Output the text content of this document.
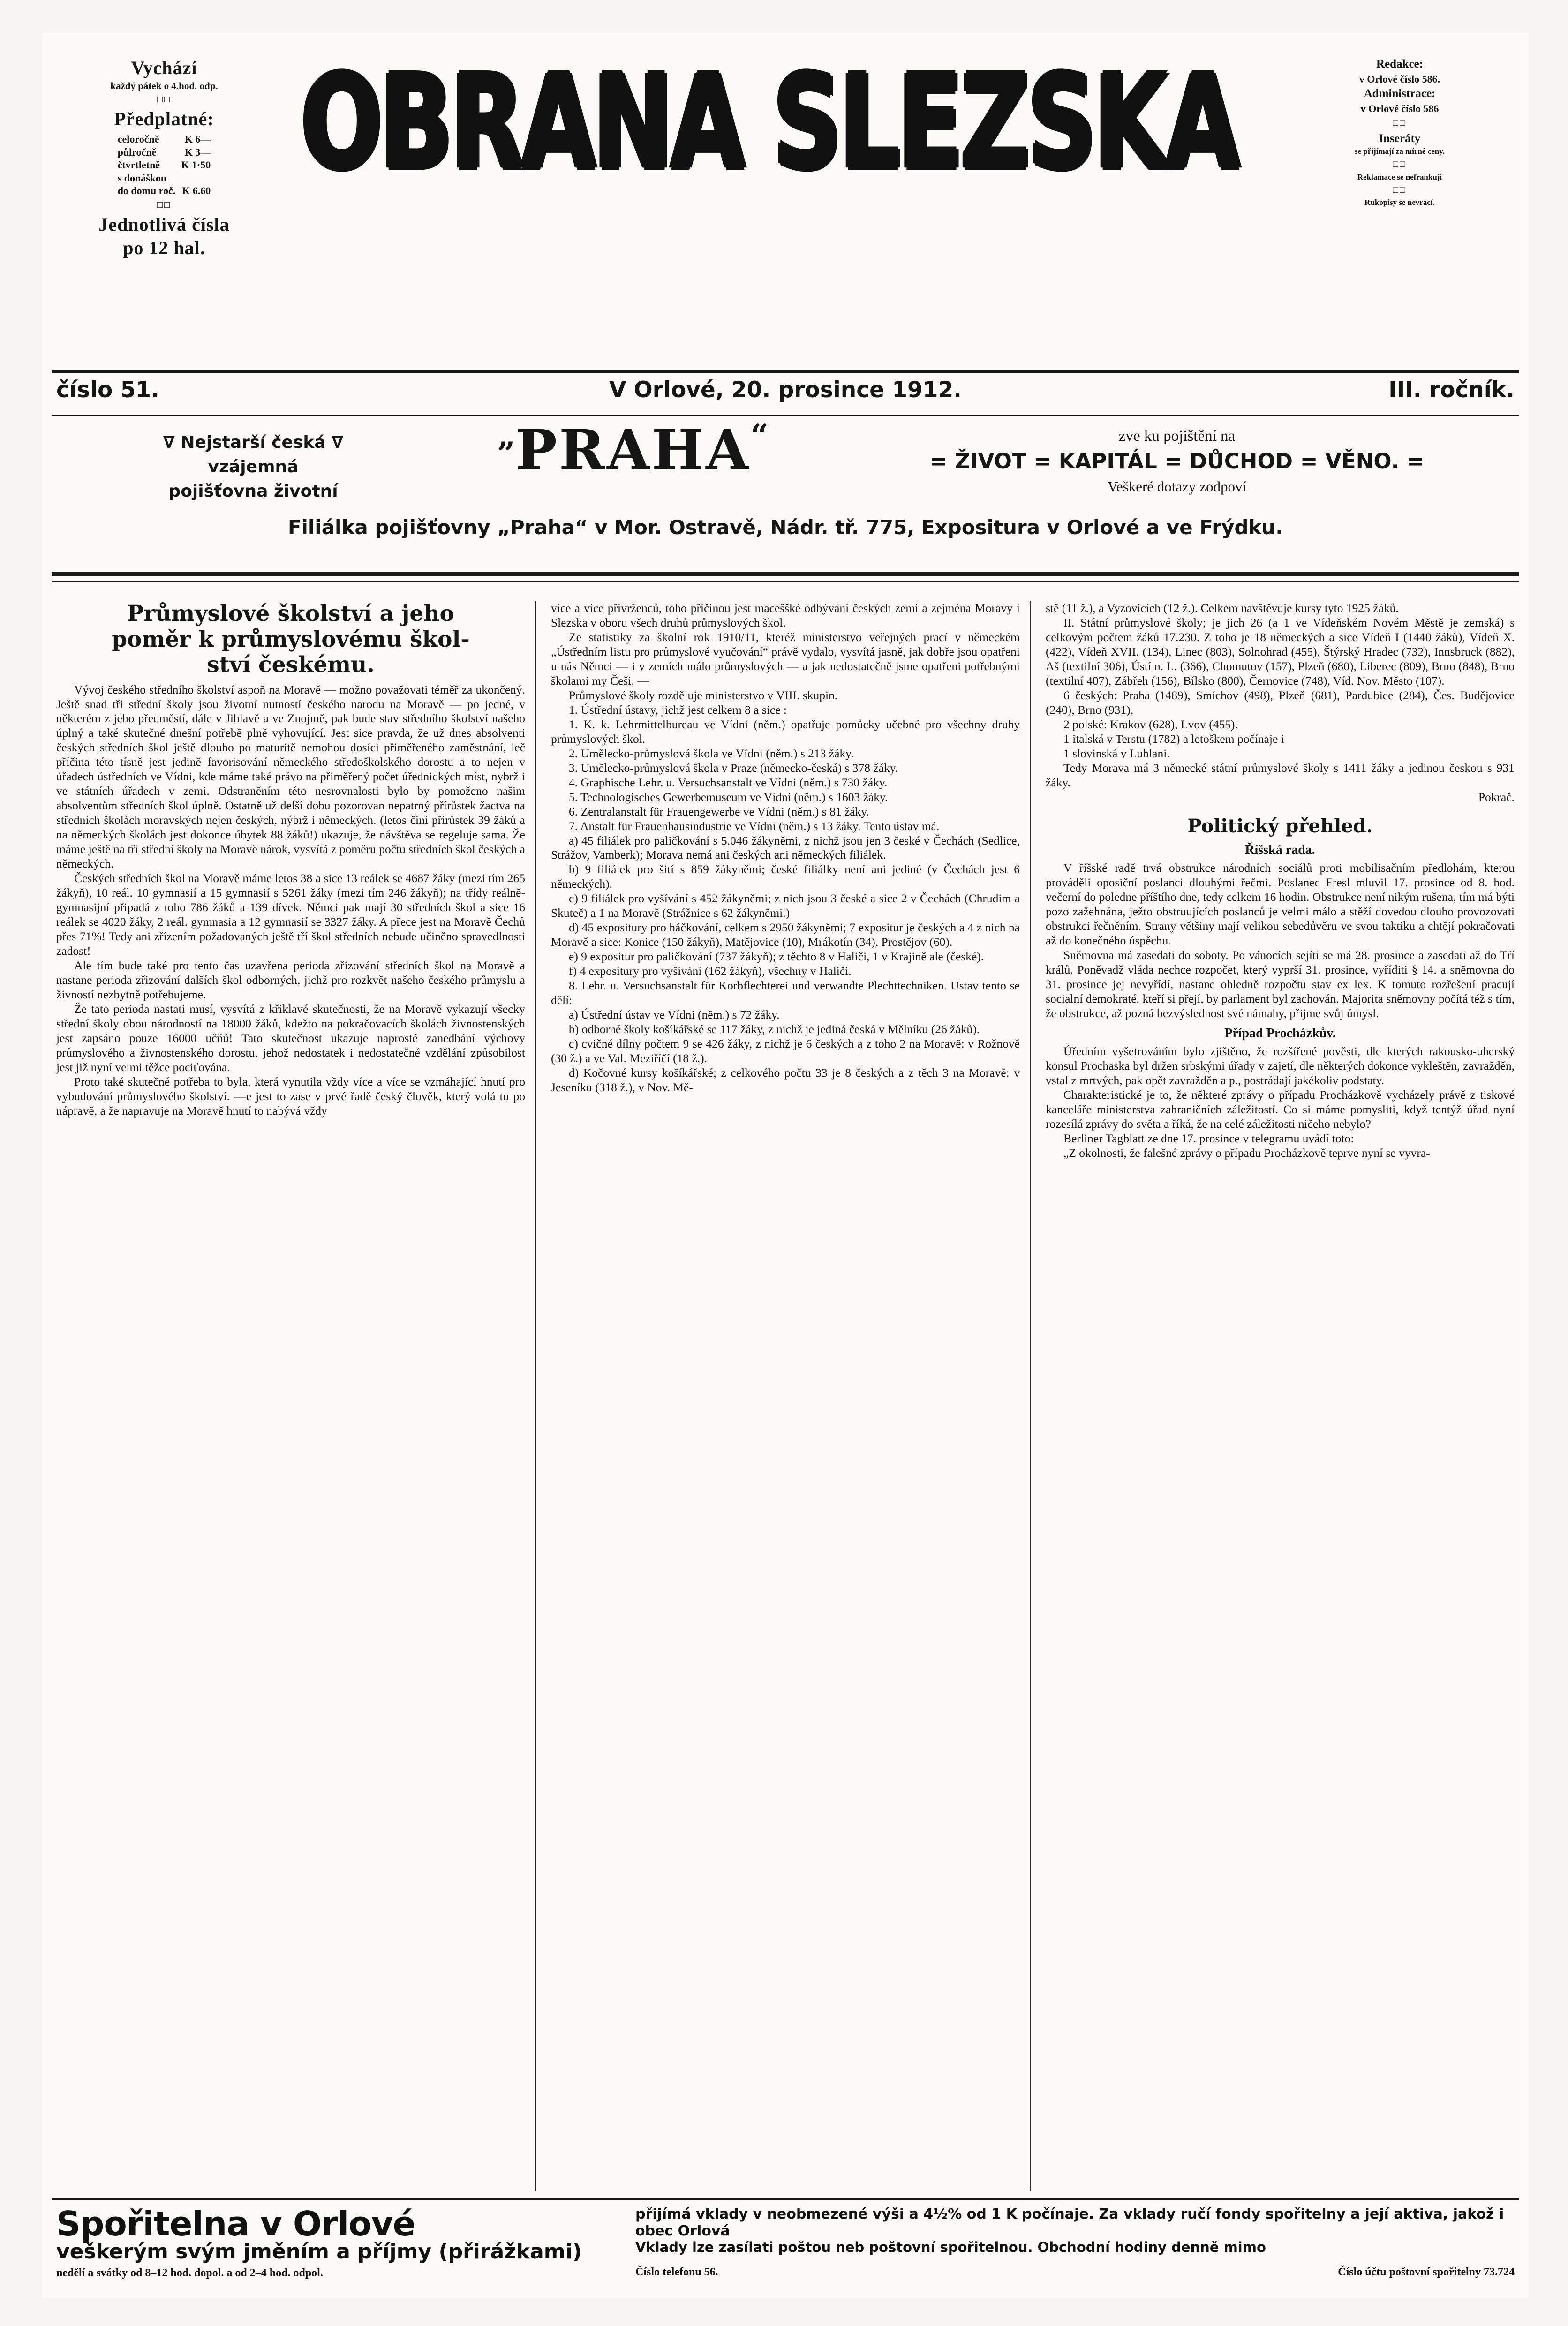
Vychází
každý pátek o 4.hod. odp.
□□
Předplatné:
celoročně	K 6—
půlročně	K 3—
čtvrtletně	K 1·50
s donáškou	
do domu roč.	K 6.60
□□
Jednotlivá čísla
po 12 hal.
OBRANA SLEZSKA	Redakce:
v Orlové číslo 586.
Administrace:
v Orlové číslo 586
□□
Inseráty
se přijímají za mírné ceny.
□□
Reklamace se nefrankují
□□
Rukopisy se nevrací.
číslo 51.	V Orlové, 20. prosince 1912.	III. ročník.
∇ Nejstarší česká ∇
vzájemná
pojišťovna životní
„PRAHA“	zve ku pojištění na
= ŽIVOT = KAPITÁL = DŮCHOD = VĚNO. =
Veškeré dotazy zodpoví
Filiálka pojišťovny „Praha“ v Mor. Ostravě, Nádr. tř. 775, Expositura v Orlové a ve Frýdku.
Průmyslové školství a jeho
poměr k průmyslovému škol-
ství českému.

Vývoj českého středního školství aspoň na Moravě — možno považovati téměř za ukončený. Ještě snad tři střední školy jsou životní nutností českého narodu na Moravě — po jedné, v některém z jeho předměstí, dále v Jihlavě a ve Znojmě, pak bude stav středního školství našeho úplný a také skutečné dnešní potřebě plně vyhovující. Jest sice pravda, že už dnes absolventi českých středních škol ještě dlouho po maturitě nemohou dosíci přiměřeného zaměstnání, leč příčina této tísně jest jedině favorisování německého středoškolského dorostu a to nejen v úřadech ústředních ve Vídni, kde máme také právo na přiměřený počet úřednických míst, nybrž i ve státních úřadech v zemi. Odstraněním této nesrovnalosti bylo by pomoženo našim absolventům středních škol úplně. Ostatně už delší dobu pozorovan nepatrný přírůstek žactva na středních školách moravských nejen českých, nýbrž i německých. (letos činí přírůstek 39 žáků a na německých školách jest dokonce úbytek 88 žáků!) ukazuje, že návštěva se regeluje sama. Že máme ještě na tři střední školy na Moravě nárok, vysvítá z poměru počtu středních škol českých a německých.

Českých středních škol na Moravě máme letos 38 a sice 13 reálek se 4687 žáky (mezi tím 265 žákyň), 10 reál. 10 gymnasií a 15 gymnasií s 5261 žáky (mezi tím 246 žákyň); na třídy reálně-gymnasijní připadá z toho 786 žáků a 139 dívek. Němci pak mají 30 středních škol a sice 16 reálek se 4020 žáky, 2 reál. gymnasia a 12 gymnasií se 3327 žáky. A přece jest na Moravě Čechů přes 71%! Tedy ani zřízením požadovaných ještě tří škol středních nebude učiněno spravedlnosti zadost!

Ale tím bude také pro tento čas uzavřena perioda zřizování středních škol na Moravě a nastane perioda zřizování dalších škol odborných, jichž pro rozkvět našeho českého průmyslu a živností nezbytně potřebujeme.

Že tato perioda nastati musí, vysvítá z křiklavé skutečnosti, že na Moravě vykazují všecky střední školy obou národností na 18000 žáků, kdežto na pokračovacích školách živnostenských jest zapsáno pouze 16000 učňů! Tato skutečnost ukazuje naprosté zanedbání výchovy průmyslového a živnostenského dorostu, jehož nedostatek i nedostatečné vzdělání způsobilost jest již nyní velmi těžce pociťována.

Proto také skutečné potřeba to byla, která vynutila vždy více a více se vzmáhající hnutí pro vybudování průmyslového školství. —e jest to zase v prvé řadě český člověk, který volá tu po nápravě, a že napravuje na Moravě hnutí to nabývá vždy

více a více přívrženců, toho příčinou jest maceššké odbývání českých zemí a zejména Moravy i Slezska v oboru všech druhů průmyslových škol.

Ze statistiky za školní rok 1910/11, kteréž ministerstvo veřejných prací v německém „Ústředním listu pro průmyslové vyučování“ právě vydalo, vysvítá jasně, jak dobře jsou opatřeni u nás Němci — i v zemích málo průmyslových — a jak nedostatečně jsme opatřeni potřebnými školami my Češi. —

Průmyslové školy rozděluje ministerstvo v VIII. skupin.

1. Ústřední ústavy, jichž jest celkem 8 a sice :

1. K. k. Lehrmittelbureau ve Vídni (něm.) opatřuje pomůcky učebné pro všechny druhy průmyslových škol.

2. Umělecko-průmyslová škola ve Vídni (něm.) s 213 žáky.

3. Umělecko-průmyslová škola v Praze (německo-česká) s 378 žáky.

4. Graphische Lehr. u. Versuchsanstalt ve Vídni (něm.) s 730 žáky.

5. Technologisches Gewerbemuseum ve Vídni (něm.) s 1603 žáky.

6. Zentralanstalt für Frauengewerbe ve Vídni (něm.) s 81 žáky.

7. Anstalt für Frauenhausindustrie ve Vídni (něm.) s 13 žáky. Tento ústav má.

a) 45 filiálek pro paličkování s 5.046 žákyněmi, z nichž jsou jen 3 české v Čechách (Sedlice, Strážov, Vamberk); Morava nemá ani českých ani německých filiálek.

b) 9 filiálek pro šití s 859 žákyněmi; české filiálky není ani jediné (v Čechách jest 6 německých).

c) 9 filiálek pro vyšívání s 452 žákyněmi; z nich jsou 3 české a sice 2 v Čechách (Chrudim a Skuteč) a 1 na Moravě (Strážnice s 62 žákyněmi.)

d) 45 expositury pro háčkování, celkem s 2950 žákyněmi; 7 expositur je českých a 4 z nich na Moravě a sice: Konice (150 žákyň), Matějovice (10), Mrákotín (34), Prostějov (60).

e) 9 expositur pro paličkování (737 žákyň); z těchto 8 v Haliči, 1 v Krajině ale (české).

f) 4 expositury pro vyšívání (162 žákyň), všechny v Haliči.

8. Lehr. u. Versuchsanstalt für Korbflechterei und verwandte Plechttechniken. Ustav tento se dělí:

a) Ústřední ústav ve Vídni (něm.) s 72 žáky.

b) odborné školy košíkářské se 117 žáky, z nichž je jediná česká v Mělníku (26 žáků).

c) cvičné dílny počtem 9 se 426 žáky, z nichž je 6 českých a z toho 2 na Moravě: v Rožnově (30 ž.) a ve Val. Meziříčí (18 ž.).

d) Kočovné kursy košíkářské; z celkového počtu 33 je 8 českých a z těch 3 na Moravě: v Jeseníku (318 ž.), v Nov. Mě-

stě (11 ž.), a Vyzovicích (12 ž.). Celkem navštěvuje kursy tyto 1925 žáků.

II. Státní průmyslové školy; je jich 26 (a 1 ve Vídeňském Novém Městě je zemská) s celkovým počtem žáků 17.230. Z toho je 18 německých a sice Vídeň I (1440 žáků), Vídeň X. (422), Vídeň XVII. (134), Linec (803), Solnohrad (455), Štýrský Hradec (732), Innsbruck (882), Aš (textilní 306), Ústí n. L. (366), Chomutov (157), Plzeň (680), Liberec (809), Brno (848), Brno (textilní 407), Zábřeh (156), Bílsko (800), Černovice (748), Víd. Nov. Město (107).

6 českých: Praha (1489), Smíchov (498), Plzeň (681), Pardubice (284), Čes. Budějovice (240), Brno (931),

2 polské: Krakov (628), Lvov (455).

1 italská v Terstu (1782) a letoškem počínaje i

1 slovinská v Lublani.

Tedy Morava má 3 německé státní průmyslové školy s 1411 žáky a jedinou českou s 931 žáky.

Pokrač.

Politický přehled.
Říšská rada.

V říšské radě trvá obstrukce národních sociálů proti mobilisačním předlohám, kterou prováděli oposiční poslanci dlouhými řečmi. Poslanec Fresl mluvil 17. prosince od 8. hod. večerní do poledne příštího dne, tedy celkem 16 hodin. Obstrukce není nikým rušena, tím má býti pozo zažehnána, ježto obstruujících poslanců je velmi málo a stěží dovedou dlouho provozovati obstrukci řečněním. Strany většiny mají velikou sebedůvěru ve svou taktiku a chtějí pokračovati až do konečného úspěchu.

Sněmovna má zasedati do soboty. Po vánocích sejíti se má 28. prosince a zasedati až do Tří králů. Poněvadž vláda nechce rozpočet, který vyprší 31. prosince, vyříditi § 14. a sněmovna do 31. prosince jej nevyřídí, nastane ohledně rozpočtu stav ex lex. K tomuto rozřešení pracují socialní demokraté, kteří si přejí, by parlament byl zachován. Majorita sněmovny počítá též s tím, že obstrukce, až pozná bezvýslednost své námahy, přijme svůj úmysl.

Případ Procházkův.

Úředním vyšetrováním bylo zjištěno, že rozšířené pověsti, dle kterých rakousko-uherský konsul Prochaska byl držen srbskými úřady v zajetí, dle některých dokonce vykleštěn, zavražděn, vstal z mrtvých, pak opět zavražděn a p., postrádají jakékoliv podstaty.

Charakteristické je to, že některé zprávy o případu Procházkově vycházely právě z tiskové kanceláře ministerstva zahraničních záležitostí. Co si máme pomysliti, když tentýž úřad nyní rozesílá zprávy do světa a říká, že na celé záležitosti ničeho nebylo?

Berliner Tagblatt ze dne 17. prosince v telegramu uvádí toto:

„Z okolnosti, že falešné zprávy o případu Procházkově teprve nyní se vyvra-

Spořitelna v Orlové	přijímá vklady v neobmezené výši a 4½% od 1 K počínaje. Za vklady ručí fondy spořitelny a její aktiva, jakož i obec Orlová
veškerým svým jměním a příjmy (přirážkami)	Vklady lze zasílati poštou neb poštovní spořitelnou. Obchodní hodiny denně mimo
nedělí a svátky od 8–12 hod. dopol. a od 2–4 hod. odpol.	Číslo telefonu 56.	Číslo účtu poštovní spořitelny 73.724
